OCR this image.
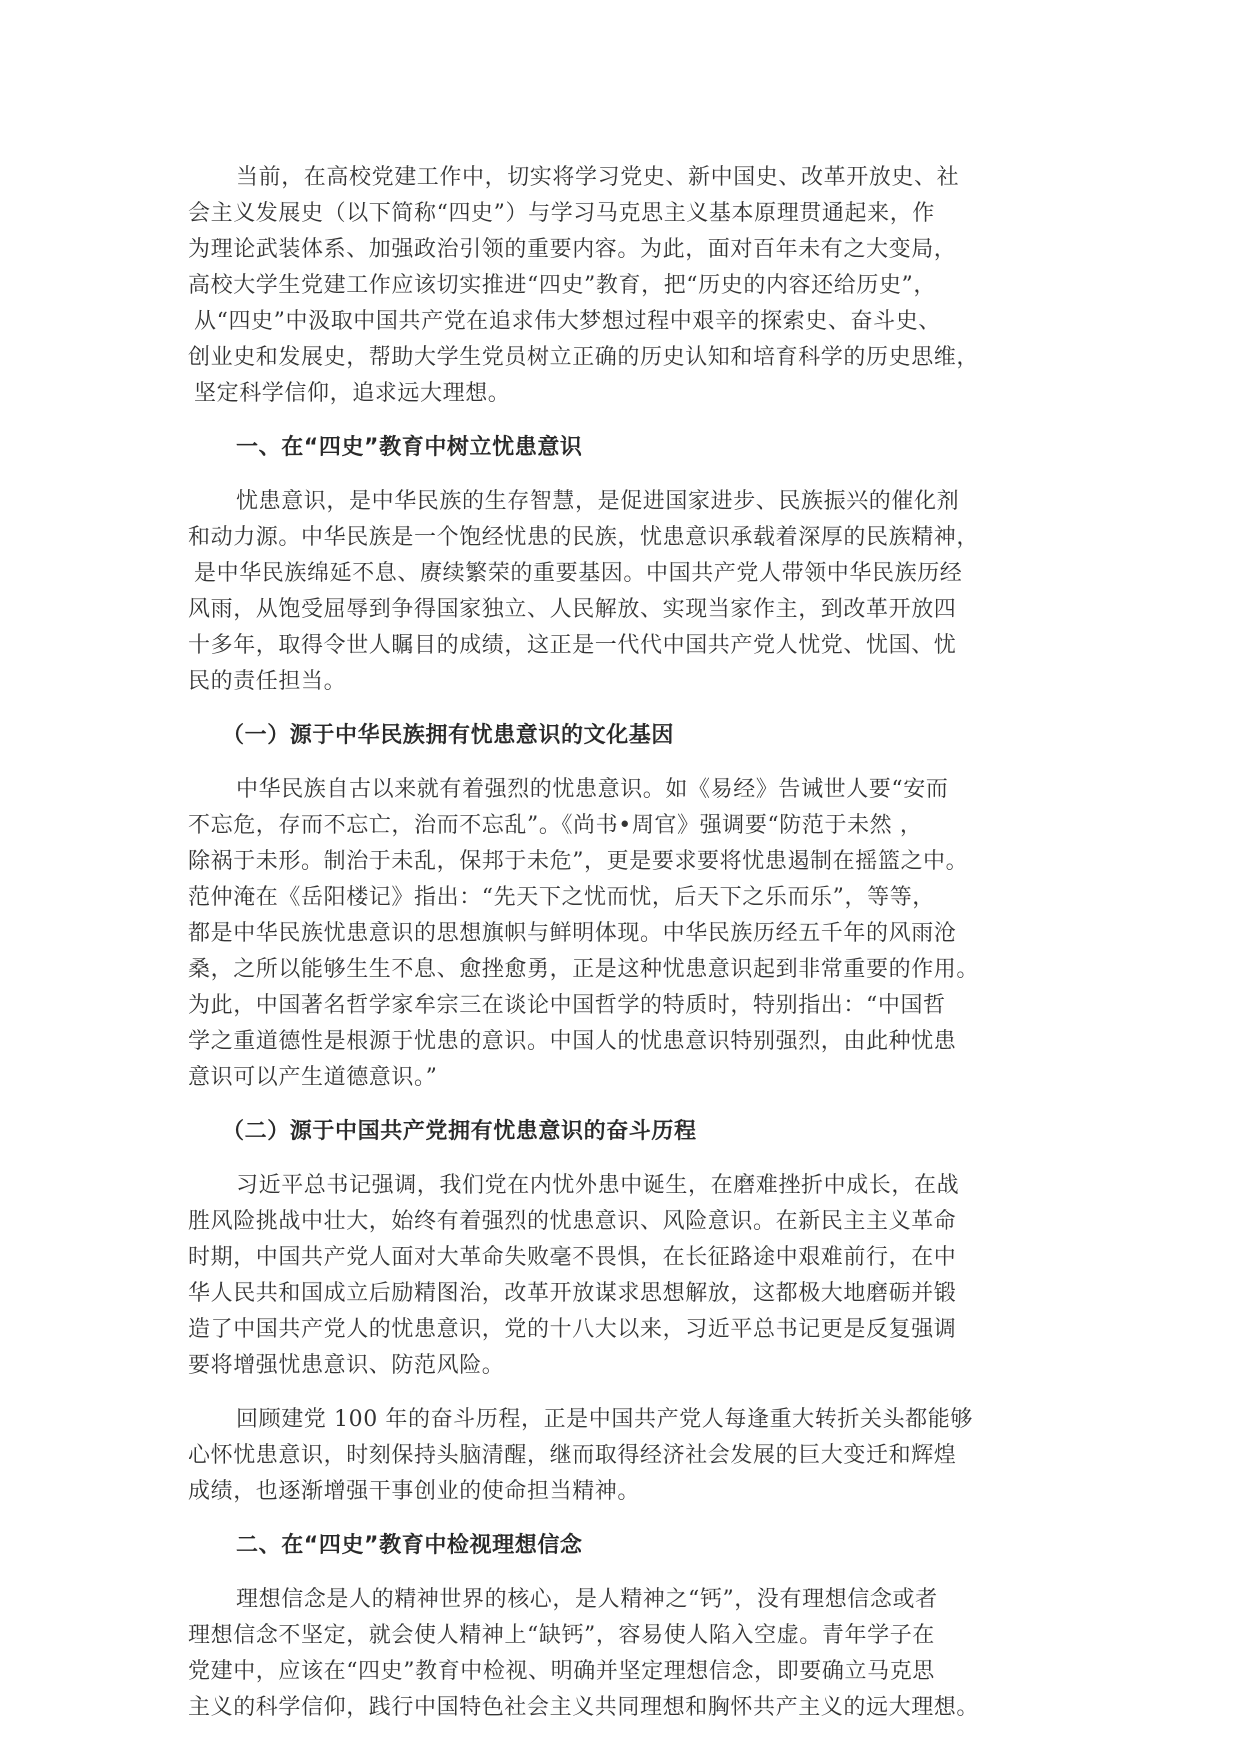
当前，在高校党建工作中，切实将学习党史、新中国史、改革开放史、社
会主义发展史（以下简称“四史”）与学习马克思主义基本原理贯通起来，作
为理论武装体系、加强政治引领的重要内容。为此，面对百年未有之大变局，
高校大学生党建工作应该切实推进“四史”教育，把“历史的内容还给历史”，
从“四史”中汲取中国共产党在追求伟大梦想过程中艰辛的探索史、奋斗史、
创业史和发展史，帮助大学生党员树立正确的历史认知和培育科学的历史思维，
坚定科学信仰，追求远大理想。
一、在“四史”教育中树立忧患意识
忧患意识，是中华民族的生存智慧，是促进国家进步、民族振兴的催化剂
和动力源。中华民族是一个饱经忧患的民族，忧患意识承载着深厚的民族精神，
是中华民族绵延不息、赓续繁荣的重要基因。中国共产党人带领中华民族历经
风雨，从饱受屈辱到争得国家独立、人民解放、实现当家作主，到改革开放四
十多年，取得令世人瞩目的成绩，这正是一代代中国共产党人忧党、忧国、忧
民的责任担当。
（一）源于中华民族拥有忧患意识的文化基因
中华民族自古以来就有着强烈的忧患意识。如《易经》告诫世人要“安而
不忘危，存而不忘亡，治而不忘乱”。《尚书•周官》强调要“防范于未然 ，
除祸于未形。制治于未乱，保邦于未危”，更是要求要将忧患遏制在摇篮之中。
范仲淹在《岳阳楼记》指出：“先天下之忧而忧，后天下之乐而乐”，等等，
都是中华民族忧患意识的思想旗帜与鲜明体现。中华民族历经五千年的风雨沧
桑，之所以能够生生不息、愈挫愈勇，正是这种忧患意识起到非常重要的作用。
为此，中国著名哲学家牟宗三在谈论中国哲学的特质时，特别指出：“中国哲
学之重道德性是根源于忧患的意识。中国人的忧患意识特别强烈，由此种忧患
意识可以产生道德意识。”
（二）源于中国共产党拥有忧患意识的奋斗历程
习近平总书记强调，我们党在内忧外患中诞生，在磨难挫折中成长，在战
胜风险挑战中壮大，始终有着强烈的忧患意识、风险意识。在新民主主义革命
时期，中国共产党人面对大革命失败毫不畏惧，在长征路途中艰难前行，在中
华人民共和国成立后励精图治，改革开放谋求思想解放，这都极大地磨砺并锻
造了中国共产党人的忧患意识，党的十八大以来，习近平总书记更是反复强调
要将增强忧患意识、防范风险。
回顾建党 100 年的奋斗历程，正是中国共产党人每逢重大转折关头都能够
心怀忧患意识，时刻保持头脑清醒，继而取得经济社会发展的巨大变迁和辉煌
成绩，也逐渐增强干事创业的使命担当精神。
二、在“四史”教育中检视理想信念
理想信念是人的精神世界的核心，是人精神之“钙”，没有理想信念或者
理想信念不坚定，就会使人精神上“缺钙”，容易使人陷入空虚。青年学子在
党建中，应该在“四史”教育中检视、明确并坚定理想信念，即要确立马克思
主义的科学信仰，践行中国特色社会主义共同理想和胸怀共产主义的远大理想。
